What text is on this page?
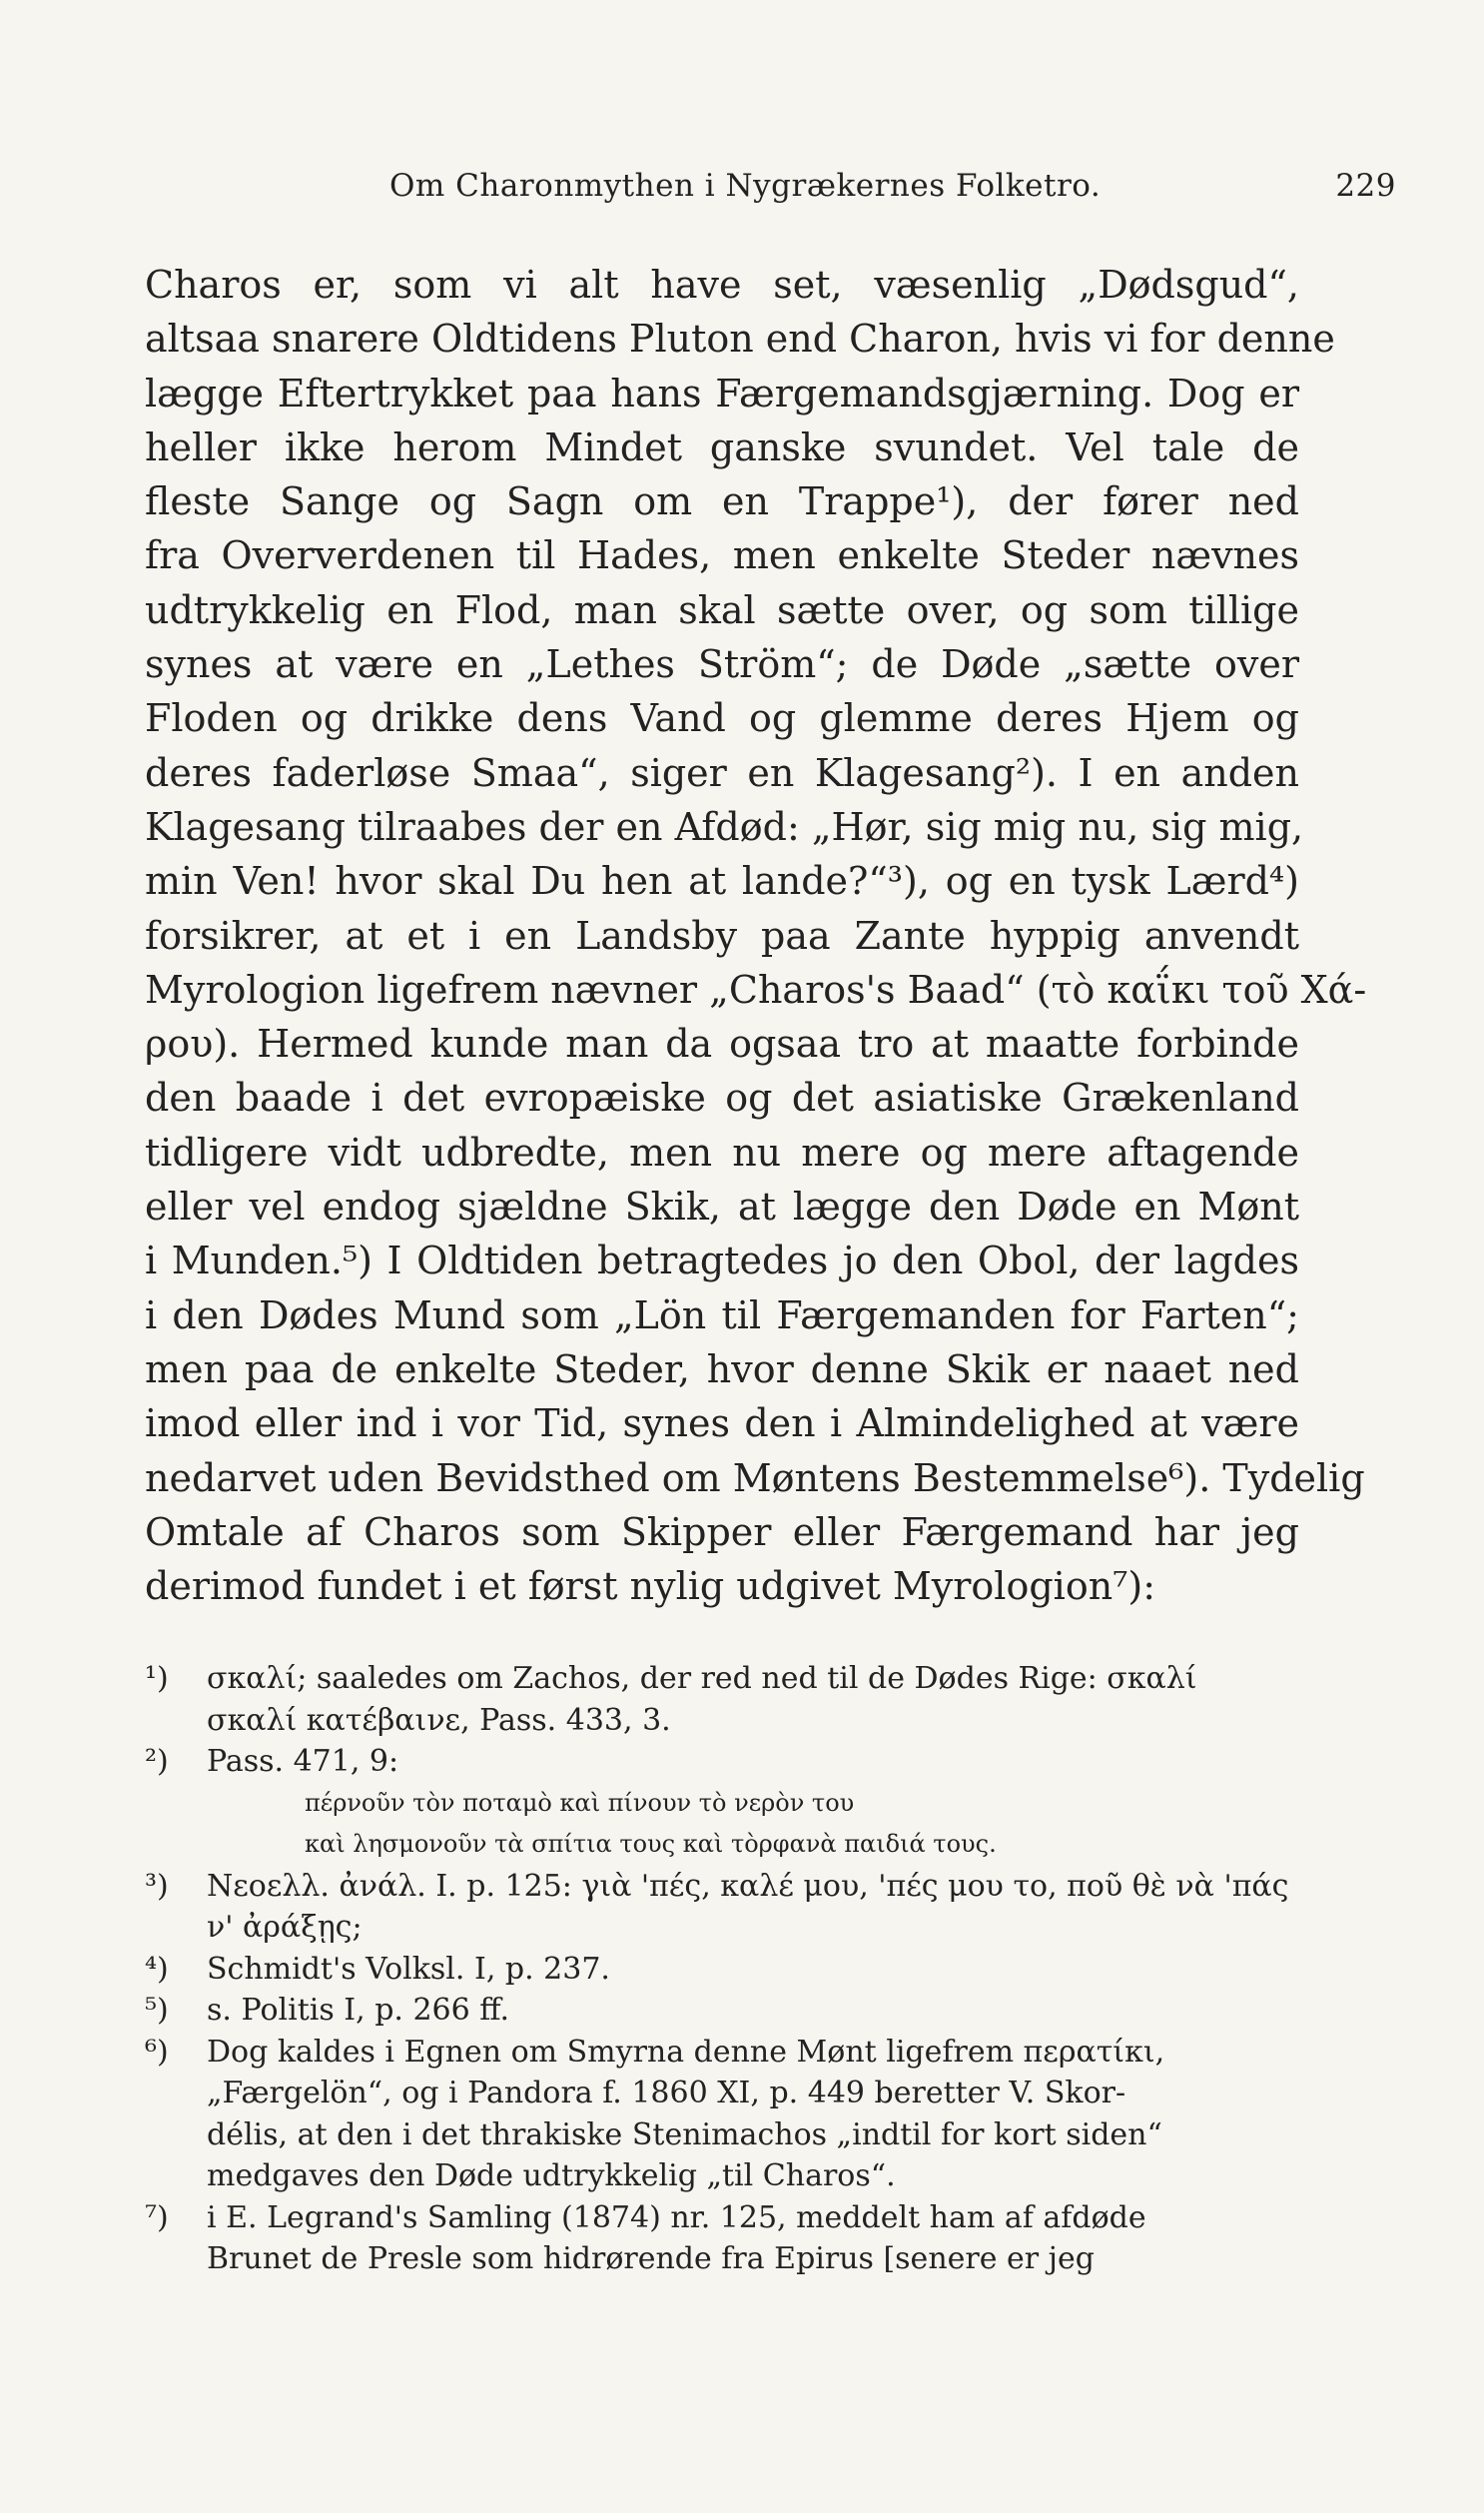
Om Charonmythen i Nygrækernes Folketro.	229
Charos er, som vi alt have set, væsenlig „Dødsgud“,
altsaa snarere Oldtidens Pluton end Charon, hvis vi for denne
lægge Eftertrykket paa hans Færgemandsgjærning. Dog er
heller ikke herom Mindet ganske svundet. Vel tale de
fleste Sange og Sagn om en Trappe¹), der fører ned
fra Oververdenen til Hades, men enkelte Steder nævnes
udtrykkelig en Flod, man skal sætte over, og som tillige
synes at være en „Lethes Ström“; de Døde „sætte over
Floden og drikke dens Vand og glemme deres Hjem og
deres faderløse Smaa“, siger en Klagesang²). I en anden
Klagesang tilraabes der en Afdød: „Hør, sig mig nu, sig mig,
min Ven! hvor skal Du hen at lande?“³), og en tysk Lærd⁴)
forsikrer, at et i en Landsby paa Zante hyppig anvendt
Myrologion ligefrem nævner „Charos's Baad“ (τὸ καΐκι τοῦ Χά-
ρου). Hermed kunde man da ogsaa tro at maatte forbinde
den baade i det evropæiske og det asiatiske Grækenland
tidligere vidt udbredte, men nu mere og mere aftagende
eller vel endog sjældne Skik, at lægge den Døde en Mønt
i Munden.⁵) I Oldtiden betragtedes jo den Obol, der lagdes
i den Dødes Mund som „Lön til Færgemanden for Farten“;
men paa de enkelte Steder, hvor denne Skik er naaet ned
imod eller ind i vor Tid, synes den i Almindelighed at være
nedarvet uden Bevidsthed om Møntens Bestemmelse⁶). Tydelig
Omtale af Charos som Skipper eller Færgemand har jeg
derimod fundet i et først nylig udgivet Myrologion⁷):
¹) σκαλί; saaledes om Zachos, der red ned til de Dødes Rige: σκαλί
σκαλί κατέβαινε, Pass. 433, 3.
²) Pass. 471, 9:
πέρνοῦν τὸν ποταμὸ καὶ πίνουν τὸ νερὸν του
καὶ λησμονοῦν τὰ σπίτια τους καὶ τὸρφανὰ παιδιά τους.
³) Νεοελλ. ἀνάλ. I. p. 125: γιὰ 'πές, καλέ μου, 'πές μου το, ποῦ θὲ νὰ 'πάς
ν' ἀράξῃς;
⁴) Schmidt's Volksl. I, p. 237.
⁵) s. Politis I, p. 266 ff.
⁶) Dog kaldes i Egnen om Smyrna denne Mønt ligefrem περατίκι,
„Færgelön“, og i Pandora f. 1860 XI, p. 449 beretter V. Skor-
délis, at den i det thrakiske Stenimachos „indtil for kort siden“
medgaves den Døde udtrykkelig „til Charos“.
⁷) i E. Legrand's Samling (1874) nr. 125, meddelt ham af afdøde
Brunet de Presle som hidrørende fra Epirus [senere er jeg
